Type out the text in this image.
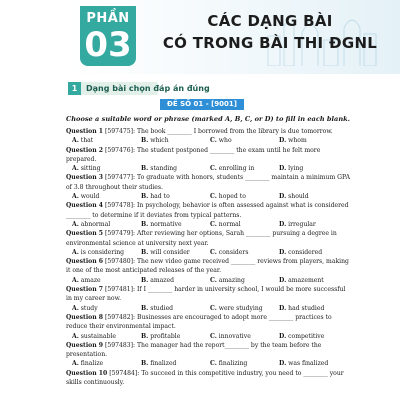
PHẦN
03
CÁC DẠNG BÀI
CÓ TRONG BÀI THI ĐGNL
1	Dạng bài chọn đáp án đúng
ĐỀ SỐ 01 - [9001]
Choose a suitable word or phrase (marked A, B, C, or D) to fill in each blank.
Question 1 [597475]: The book ________ I borrowed from the library is due tomorrow.
A. that	B. which	C. who	D. whom
Question 2 [597476]: The student postponed ________ the exam until he felt more prepared.
A. sitting	B. standing	C. enrolling in	D. lying
Question 3 [597477]: To graduate with honors, students ________ maintain a minimum GPA of 3.8 throughout their studies.
A. would	B. had to	C. hoped to	D. should
Question 4 [597478]: In psychology, behavior is often assessed against what is considered ________ to determine if it deviates from typical patterns.
A. abnormal	B. normative	C. normal	D. irregular
Question 5 [597479]: After reviewing her options, Sarah ________ pursuing a degree in environmental science at university next year.
A. is considering	B. will consider	C. considers	D. considered
Question 6 [597480]: The new video game received ________ reviews from players, making it one of the most anticipated releases of the year.
A. amaze	B. amazed	C. amazing	D. amazement
Question 7 [597481]: If I ________ harder in university school, I would be more successful in my career now.
A. study	B. studied	C. were studying	D. had studied
Question 8 [597482]: Businesses are encouraged to adopt more ________ practices to reduce their environmental impact.
A. sustainable	B. profitable	C. innovative	D. competitive
Question 9 [597483]: The manager had the report________ by the team before the presentation.
A. finalize	B. finalized	C. finalizing	D. was finalized
Question 10 [597484]: To succeed in this competitive industry, you need to ________ your skills continuously.
